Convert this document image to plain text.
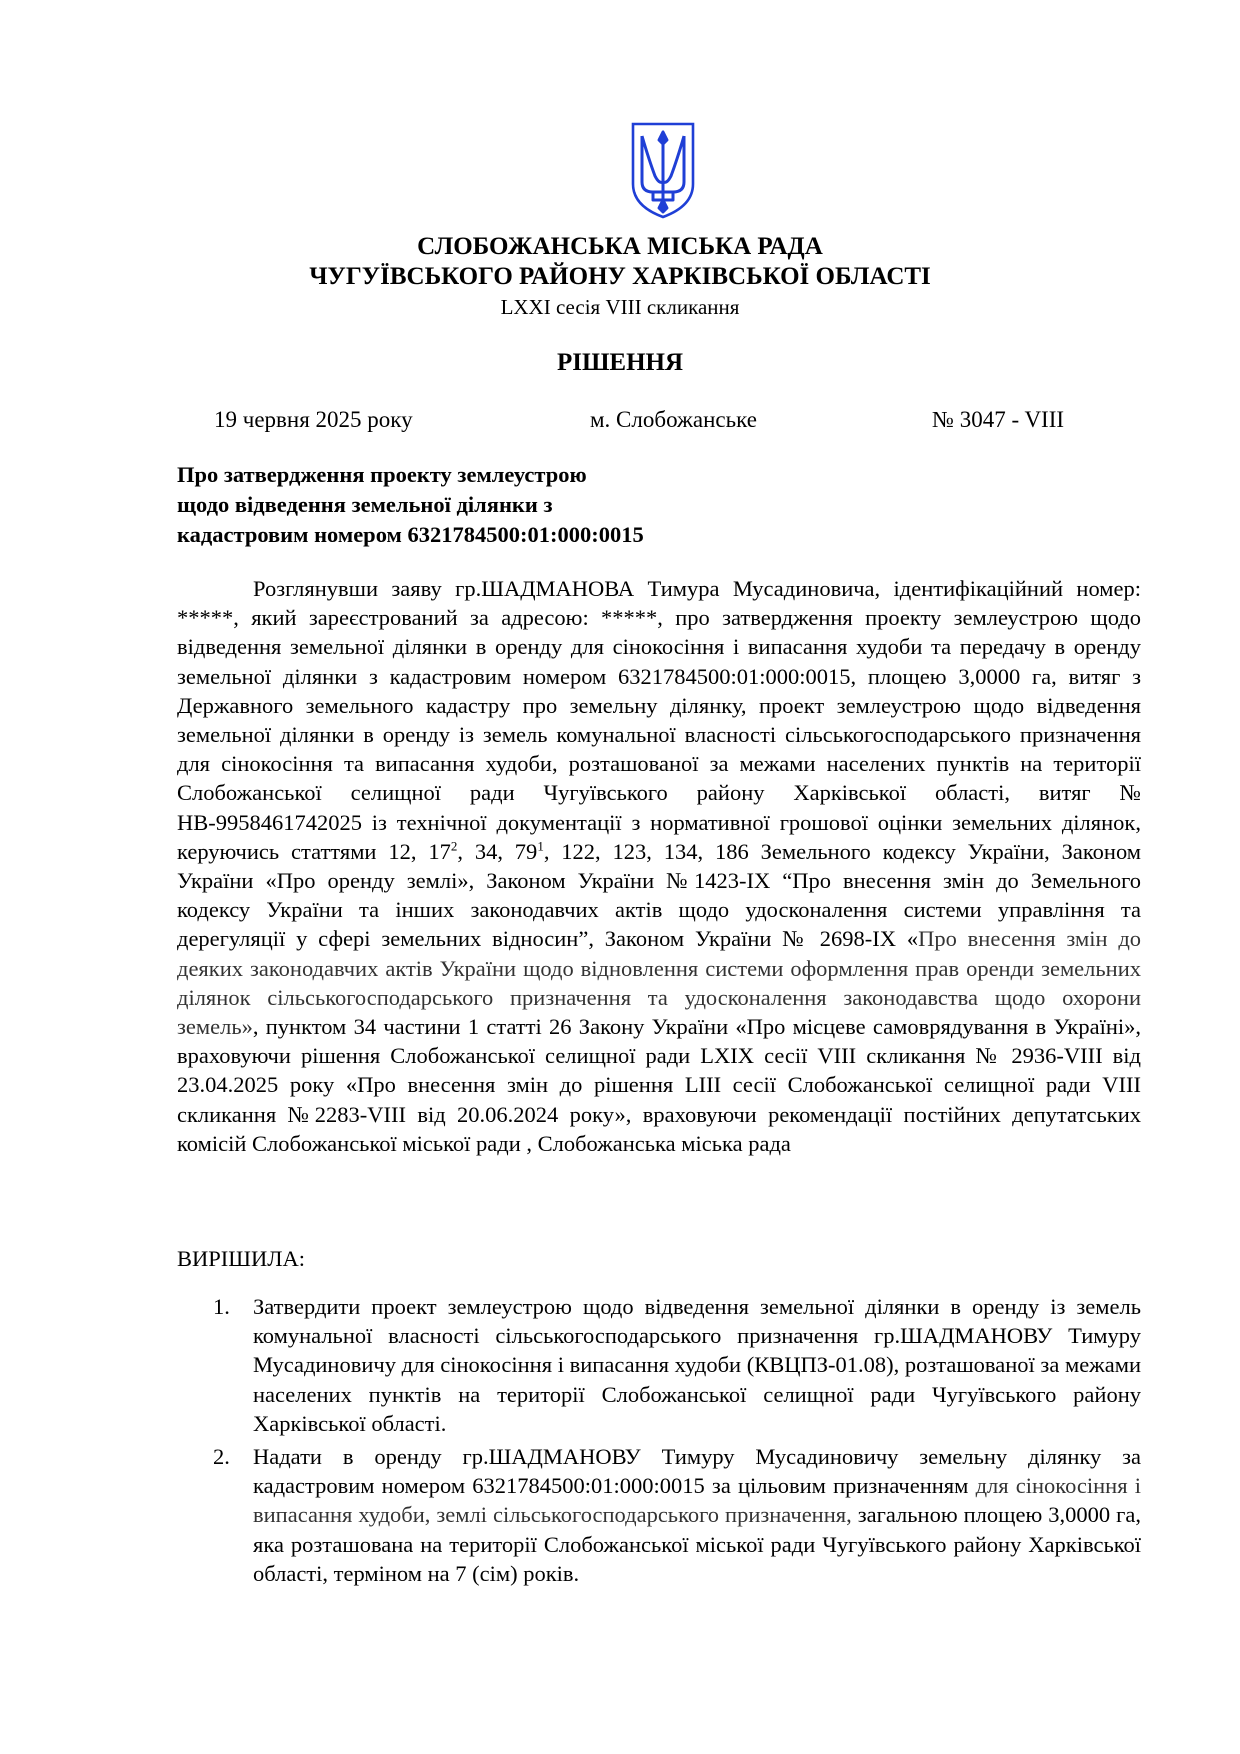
СЛОБОЖАНСЬКА МІСЬКА РАДА
ЧУГУЇВСЬКОГО РАЙОНУ ХАРКІВСЬКОЇ ОБЛАСТІ
LXXI сесія VIII скликання
РІШЕННЯ
19 червня 2025 року	м. Слобожанське	№ 3047 - VIII
Про затвердження проекту землеустрою
щодо відведення земельної ділянки з
кадастровим номером 6321784500:01:000:0015
Розглянувши заяву гр.ШАДМАНОВА Тимура Мусадиновича, ідентифікаційний номер: *****, який зареєстрований за адресою: *****, про затвердження проекту землеустрою щодо відведення земельної ділянки в оренду для сінокосіння і випасання худоби та передачу в оренду земельної ділянки з кадастровим номером 6321784500:01:000:0015, площею 3,0000 га, витяг з Державного земельного кадастру про земельну ділянку, проект землеустрою щодо відведення земельної ділянки в оренду із земель комунальної власності сільськогосподарського призначення для сінокосіння та випасання худоби, розташованої за межами населених пунктів на території Слобожанської селищної ради Чугуївського району Харківської області, витяг № НВ-9958461742025 із технічної документації з нормативної грошової оцінки земельних ділянок, керуючись статтями 12, $17^2$, 34, $79^1$, 122, 123, 134, 186 Земельного кодексу України, Законом України «Про оренду землі», Законом України №1423-ІХ “Про внесення змін до Земельного кодексу України та інших законодавчих актів щодо удосконалення системи управління та дерегуляції у сфері земельних відносин”, Законом України № 2698-ІХ «Про внесення змін до деяких законодавчих актів України щодо відновлення системи оформлення прав оренди земельних ділянок сільськогосподарського призначення та удосконалення законодавства щодо охорони земель», пунктом 34 частини 1 статті 26 Закону України «Про місцеве самоврядування в Україні», враховуючи рішення Слобожанської селищної ради LXIX сесії VIII скликання № 2936-VIII від 23.04.2025 року «Про внесення змін до рішення LIII сесії Слобожанської селищної ради VIII скликання №2283-VIII від 20.06.2024 року», враховуючи рекомендації постійних депутатських комісій Слобожанської міської ради , Слобожанська міська рада
ВИРІШИЛА:
1. Затвердити проект землеустрою щодо відведення земельної ділянки в оренду із земель комунальної власності сільськогосподарського призначення гр.ШАДМАНОВУ Тимуру Мусадиновичу для сінокосіння і випасання худоби (КВЦПЗ-01.08), розташованої за межами населених пунктів на території Слобожанської селищної ради Чугуївського району Харківської області.
2. Надати в оренду гр.ШАДМАНОВУ Тимуру Мусадиновичу земельну ділянку за кадастровим номером 6321784500:01:000:0015 за цільовим призначенням для сінокосіння і випасання худоби, землі сільськогосподарського призначення, загальною площею 3,0000 га, яка розташована на території Слобожанської міської ради Чугуївського району Харківської області, терміном на 7 (сім) років.
